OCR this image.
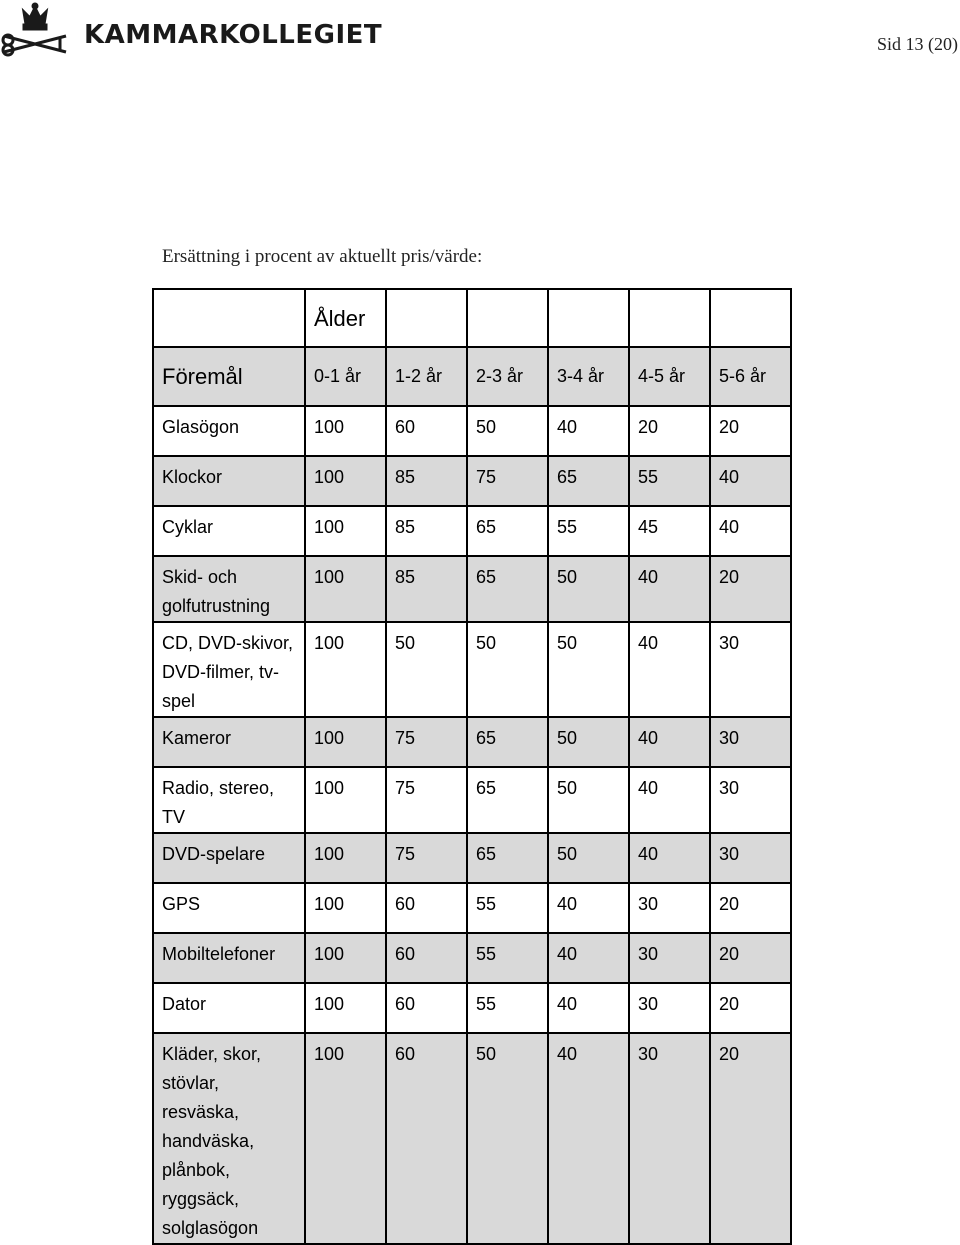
KAMMARKOLLEGIET	Sid 13 (20)
Ersättning i procent av aktuellt pris/värde:
	Ålder					
Föremål	0-1 år	1-2 år	2-3 år	3-4 år	4-5 år	5-6 år
Glasögon	100	60	50	40	20	20
Klockor	100	85	75	65	55	40
Cyklar	100	85	65	55	45	40
Skid- och golfutrustning	100	85	65	50	40	20
CD, DVD-skivor, DVD-filmer, tv-spel	100	50	50	50	40	30
Kameror	100	75	65	50	40	30
Radio, stereo, TV	100	75	65	50	40	30
DVD-spelare	100	75	65	50	40	30
GPS	100	60	55	40	30	20
Mobiltelefoner	100	60	55	40	30	20
Dator	100	60	55	40	30	20
Kläder, skor, stövlar, resväska, handväska, plånbok, ryggsäck, solglasögon	100	60	50	40	30	20
